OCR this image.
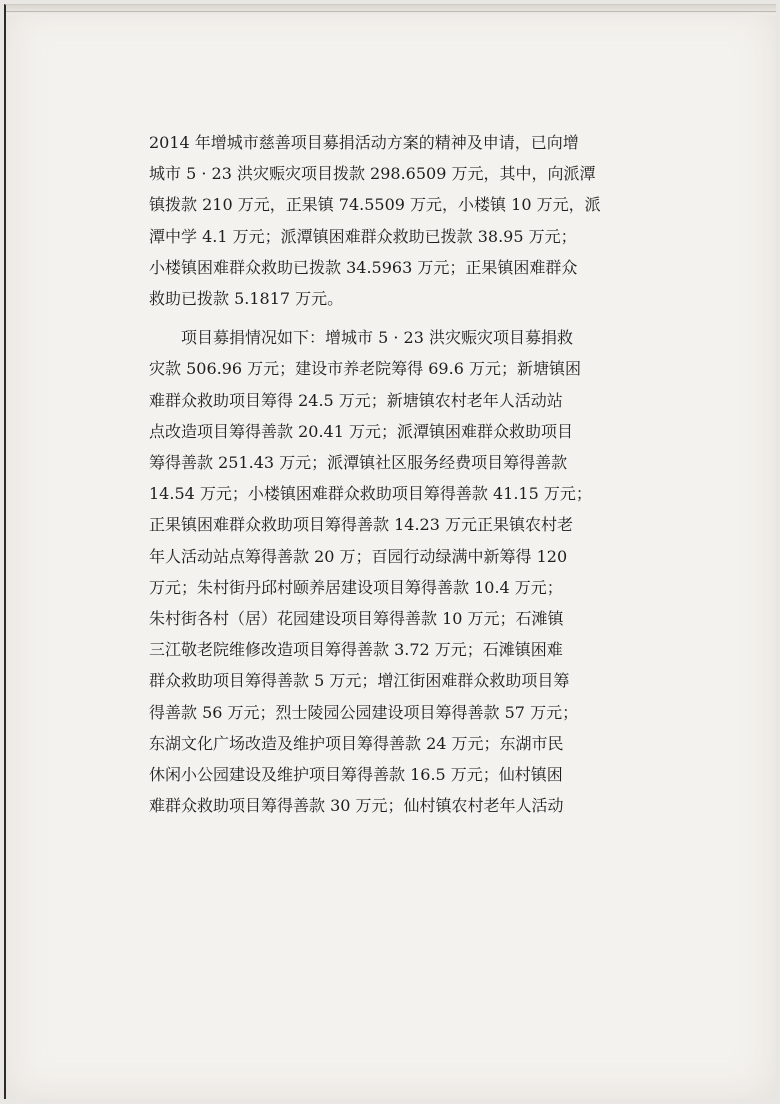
2014 年增城市慈善项目募捐活动方案的精神及申请，已向增
城市 5 · 23 洪灾赈灾项目拨款 298.6509 万元，其中，向派潭
镇拨款 210 万元，正果镇 74.5509 万元，小楼镇 10 万元，派
潭中学 4.1 万元；派潭镇困难群众救助已拨款 38.95 万元；
小楼镇困难群众救助已拨款 34.5963 万元；正果镇困难群众
救助已拨款 5.1817 万元。

项目募捐情况如下：增城市 5 · 23 洪灾赈灾项目募捐救
灾款 506.96 万元；建设市养老院筹得 69.6 万元；新塘镇困
难群众救助项目筹得 24.5 万元；新塘镇农村老年人活动站
点改造项目筹得善款 20.41 万元；派潭镇困难群众救助项目
筹得善款 251.43 万元；派潭镇社区服务经费项目筹得善款
14.54 万元；小楼镇困难群众救助项目筹得善款 41.15 万元；
正果镇困难群众救助项目筹得善款 14.23 万元正果镇农村老
年人活动站点筹得善款 20 万；百园行动绿满中新筹得 120
万元；朱村街丹邱村颐养居建设项目筹得善款 10.4 万元；
朱村街各村（居）花园建设项目筹得善款 10 万元；石滩镇
三江敬老院维修改造项目筹得善款 3.72 万元；石滩镇困难
群众救助项目筹得善款 5 万元；增江街困难群众救助项目筹
得善款 56 万元；烈士陵园公园建设项目筹得善款 57 万元；
东湖文化广场改造及维护项目筹得善款 24 万元；东湖市民
休闲小公园建设及维护项目筹得善款 16.5 万元；仙村镇困
难群众救助项目筹得善款 30 万元；仙村镇农村老年人活动
